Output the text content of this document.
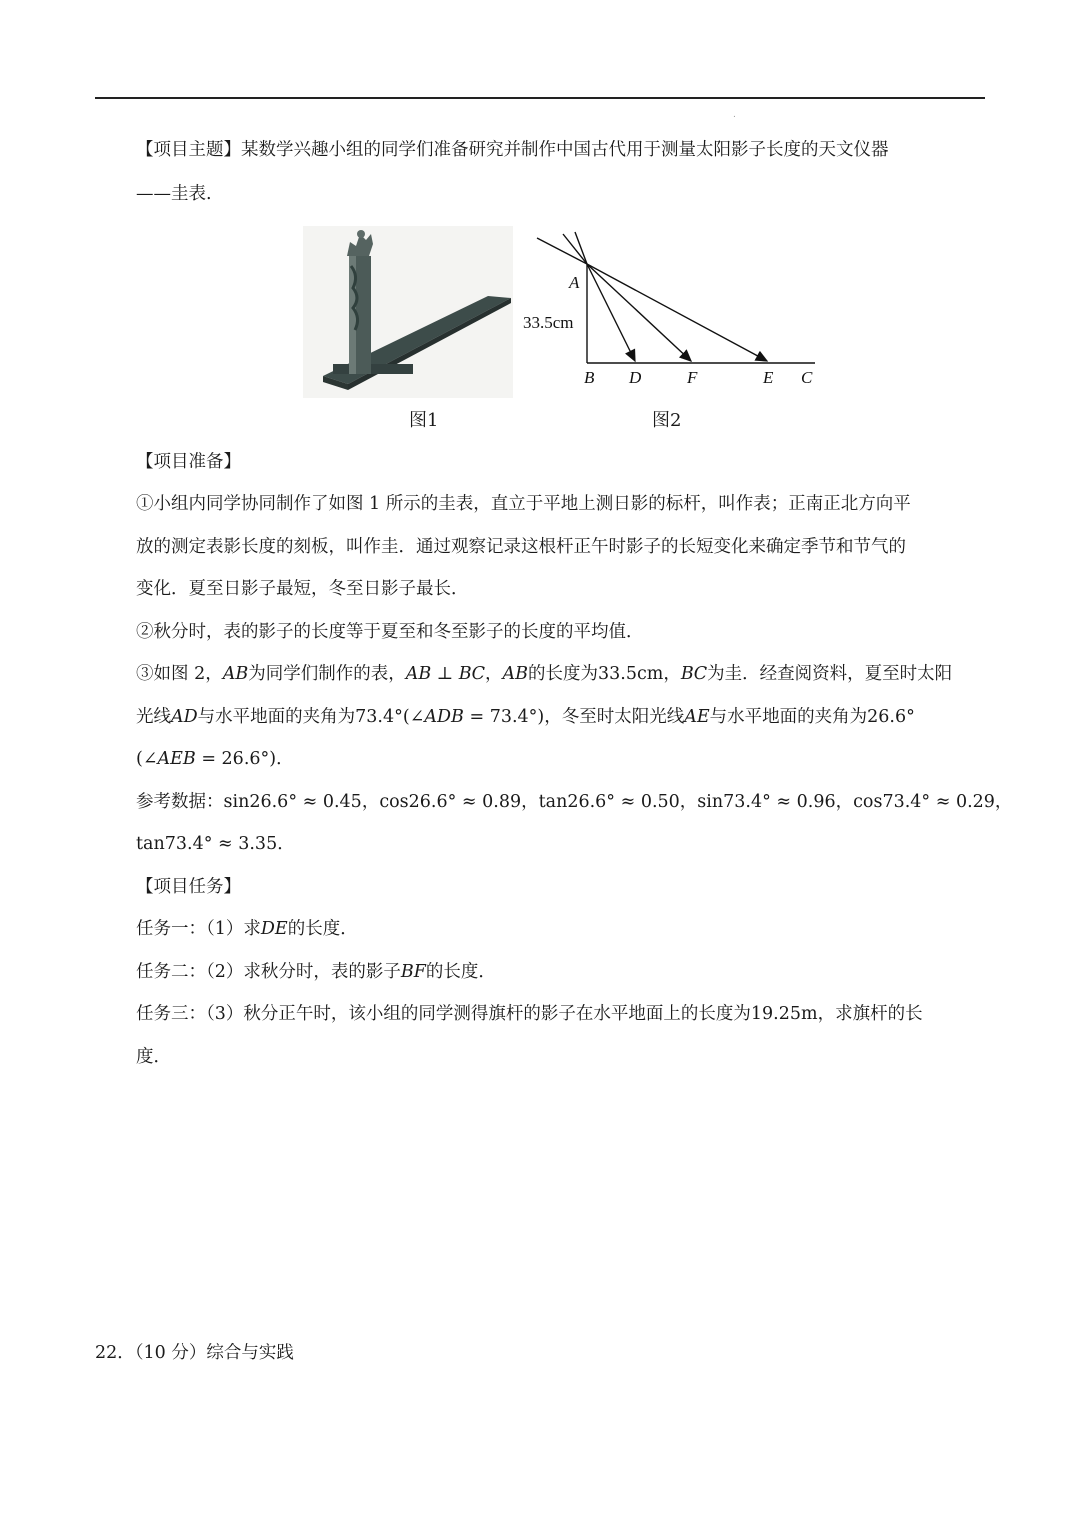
.
【项目主题】某数学兴趣小组的同学们准备研究并制作中国古代用于测量太阳影子长度的天文仪器
——圭表.
A
33.5cm
B D	F	E C
图1	图2
【项目准备】
①小组内同学协同制作了如图 1 所示的圭表，直立于平地上测日影的标杆，叫作表；正南正北方向平
放的测定表影长度的刻板，叫作圭．通过观察记录这根杆正午时影子的长短变化来确定季节和节气的
变化．夏至日影子最短，冬至日影子最长．
②秋分时，表的影子的长度等于夏至和冬至影子的长度的平均值．
③如图 2，𝐴𝐵为同学们制作的表，𝐴𝐵 ⊥ 𝐵𝐶，𝐴𝐵的长度为33.5cm，𝐵𝐶为圭．经查阅资料，夏至时太阳
光线𝐴𝐷与水平地面的夹角为73.4°(∠𝐴𝐷𝐵 = 73.4°)，冬至时太阳光线𝐴𝐸与水平地面的夹角为26.6°
(∠𝐴𝐸𝐵 = 26.6°)．
参考数据：sin26.6° ≈ 0.45，cos26.6° ≈ 0.89，tan26.6° ≈ 0.50，sin73.4° ≈ 0.96，cos73.4° ≈ 0.29，
tan73.4° ≈ 3.35．
【项目任务】
任务一：（1）求𝐷𝐸的长度．
任务二：（2）求秋分时，表的影子𝐵𝐹的长度．
任务三：（3）秋分正午时，该小组的同学测得旗杆的影子在水平地面上的长度为19.25m，求旗杆的长
度．
22．（10 分）综合与实践
